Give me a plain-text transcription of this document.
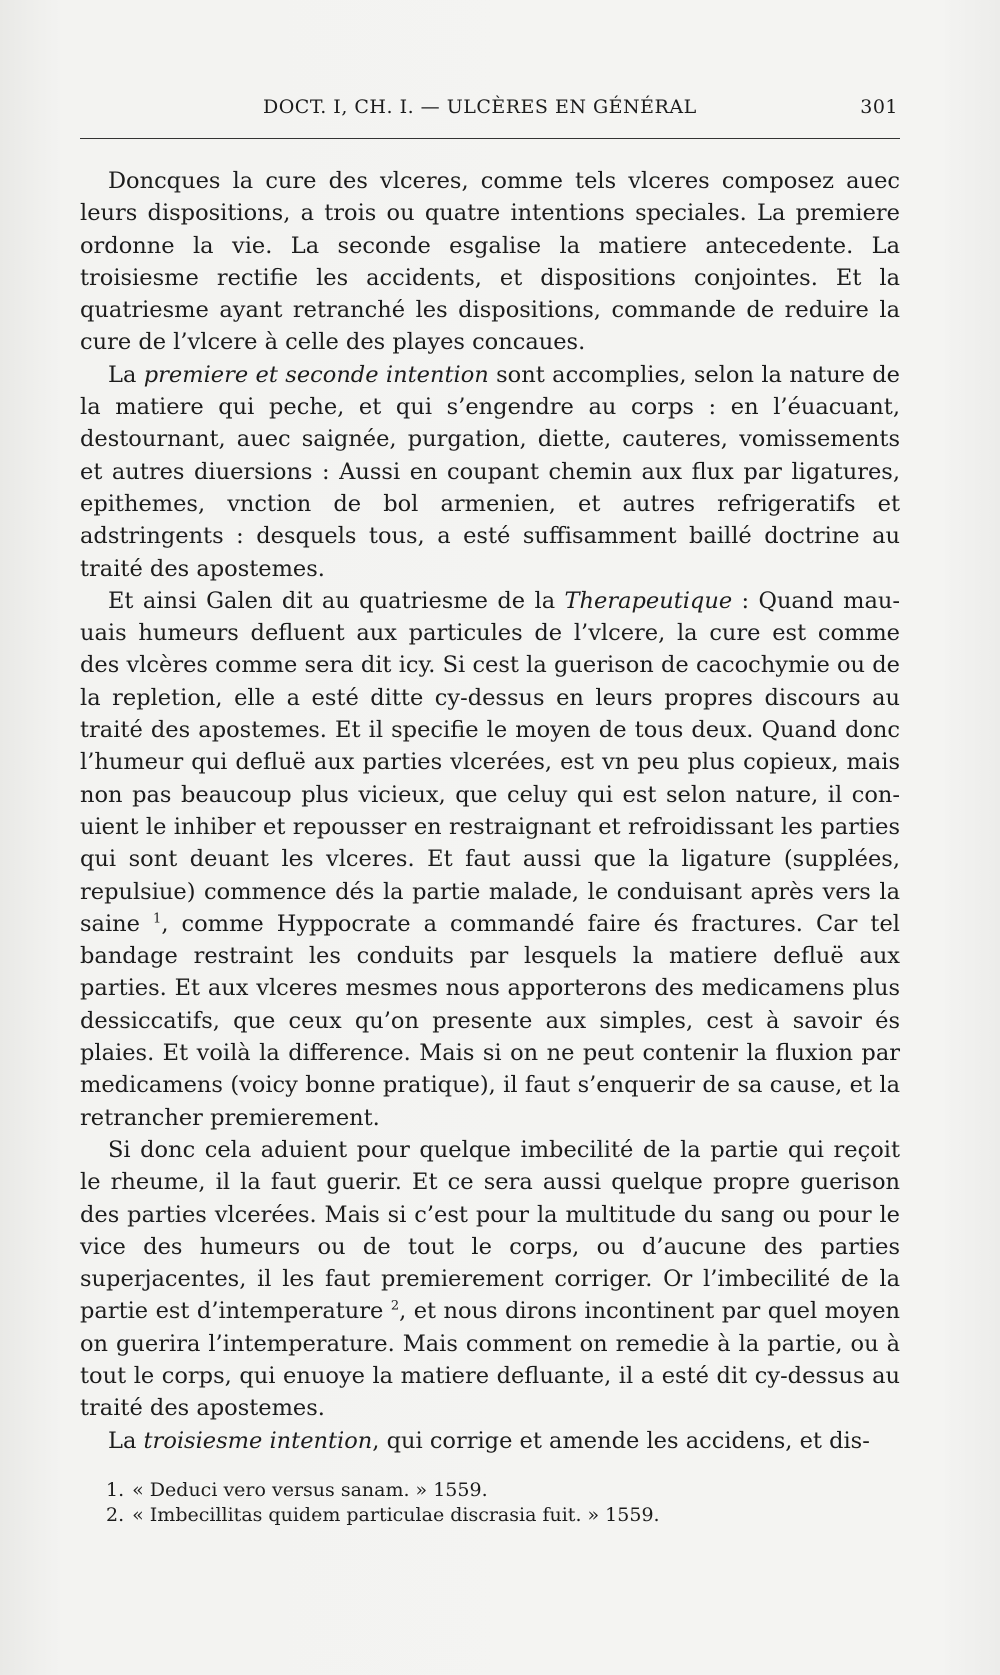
DOCT. I, CH. I. — ULCÈRES EN GÉNÉRAL	301

Doncques la cure des vlceres, comme tels vlceres composez auec leurs dispositions, a trois ou quatre intentions speciales. La premiere ordonne la vie. La seconde esgalise la matiere antecedente. La troisiesme rectifie les accidents, et dispositions conjointes. Et la quatriesme ayant retranché les dispositions, commande de reduire la cure de l’vlcere à celle des playes concaues.

La premiere et seconde intention sont accomplies, selon la nature de la matiere qui peche, et qui s’engendre au corps : en l’éuacuant, destournant, auec saignée, purgation, diette, cauteres, vomissements et autres diuersions : Aussi en coupant chemin aux flux par ligatures, epithemes, vnction de bol armenien, et autres refrigeratifs et adstringents : desquels tous, a esté suffisamment baillé doctrine au traité des apostemes.

Et ainsi Galen dit au quatriesme de la Therapeutique : Quand mauuais humeurs defluent aux particules de l’vlcere, la cure est comme des vlcères comme sera dit icy. Si cest la guerison de cacochymie ou de la repletion, elle a esté ditte cy-dessus en leurs propres discours au traité des apostemes. Et il specifie le moyen de tous deux. Quand donc l’humeur qui defluë aux parties vlcerées, est vn peu plus copieux, mais non pas beaucoup plus vicieux, que celuy qui est selon nature, il conuient le inhiber et repousser en restraignant et refroidissant les parties qui sont deuant les vlceres. Et faut aussi que la ligature (supplées, repulsiue) commence dés la partie malade, le conduisant après vers la saine $^1$, comme Hyppocrate a commandé faire és fractures. Car tel bandage restraint les conduits par lesquels la matiere defluë aux parties. Et aux vlceres mesmes nous apporterons des medicamens plus dessiccatifs, que ceux qu’on presente aux simples, cest à savoir és plaies. Et voilà la difference. Mais si on ne peut contenir la fluxion par medicamens (voicy bonne pratique), il faut s’enquerir de sa cause, et la retrancher premierement.

Si donc cela aduient pour quelque imbecilité de la partie qui reçoit le rheume, il la faut guerir. Et ce sera aussi quelque propre guerison des parties vlcerées. Mais si c’est pour la multitude du sang ou pour le vice des humeurs ou de tout le corps, ou d’aucune des parties superjacentes, il les faut premierement corriger. Or l’imbecilité de la partie est d’intemperature $^2$, et nous dirons incontinent par quel moyen on guerira l’intemperature. Mais comment on remedie à la partie, ou à tout le corps, qui enuoye la matiere defluante, il a esté dit cy-dessus au traité des apostemes.

La troisiesme intention, qui corrige et amende les accidens, et dis-

1. « Deduci vero versus sanam. » 1559.

2. « Imbecillitas quidem particulae discrasia fuit. » 1559.
